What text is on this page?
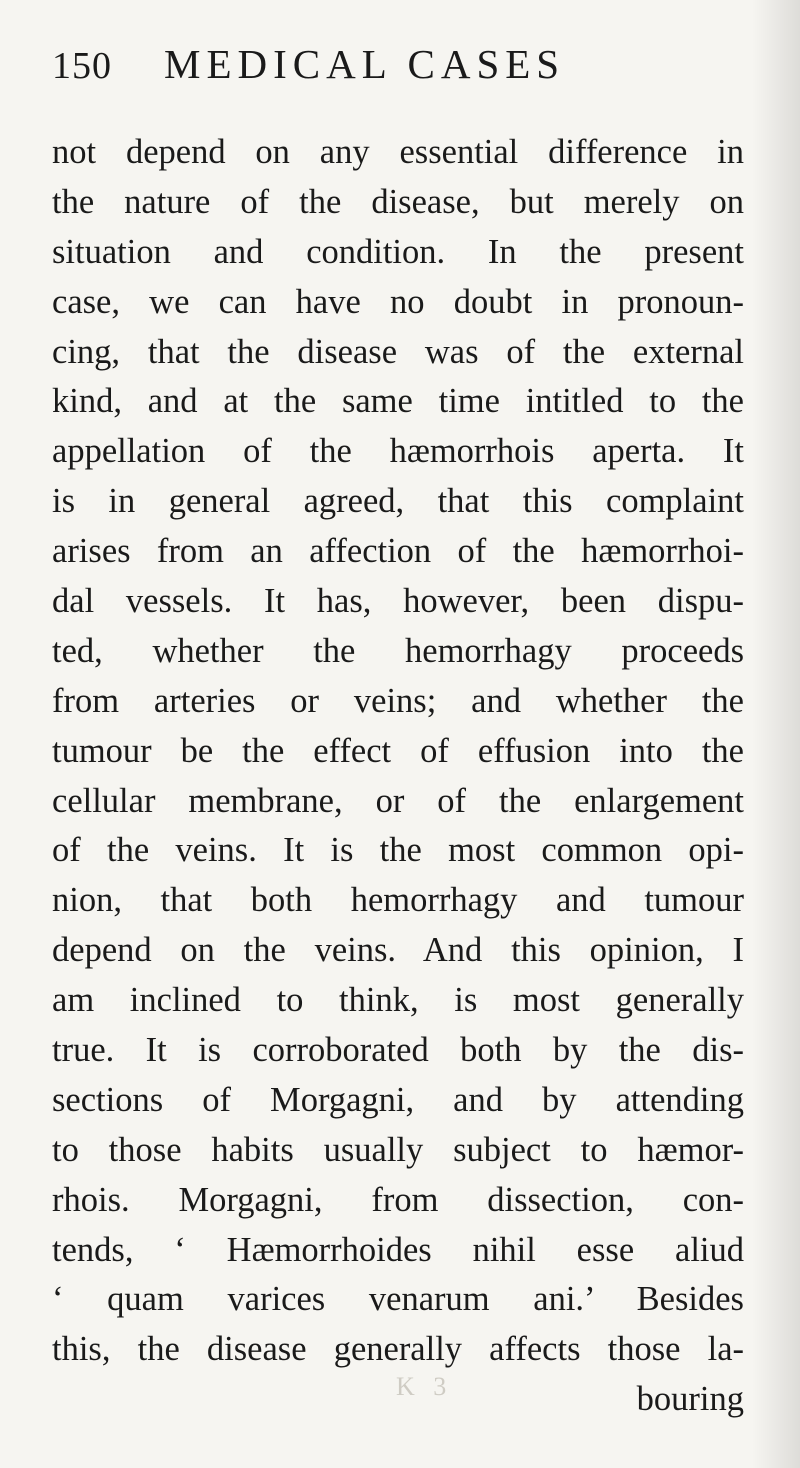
150 MEDICAL CASES
not depend on any essential difference in
the nature of the disease, but merely on
situation and condition. In the present
case, we can have no doubt in pronoun-
cing, that the disease was of the external
kind, and at the same time intitled to the
appellation of the hæmorrhois aperta. It
is in general agreed, that this complaint
arises from an affection of the hæmorrhoi-
dal vessels. It has, however, been dispu-
ted, whether the hemorrhagy proceeds
from arteries or veins; and whether the
tumour be the effect of effusion into the
cellular membrane, or of the enlargement
of the veins. It is the most common opi-
nion, that both hemorrhagy and tumour
depend on the veins. And this opinion, I
am inclined to think, is most generally
true. It is corroborated both by the dis-
sections of Morgagni, and by attending
to those habits usually subject to hæmor-
rhois. Morgagni, from dissection, con-
tends, ‘ Hæmorrhoides nihil esse aliud
‘ quam varices venarum ani.’ Besides
this, the disease generally affects those la-
bouring
K 3
